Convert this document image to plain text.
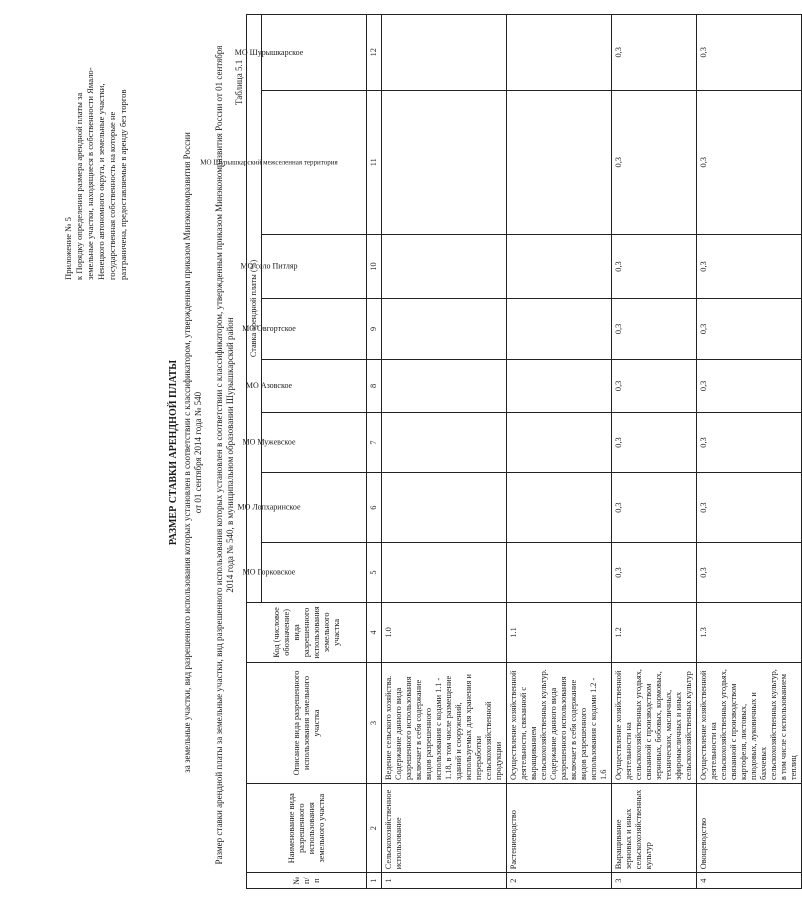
Приложение № 5 к Порядку определения размера арендной платы за земельные участки, находящиеся в собственности Ямало- Ненецкого автономного округа, и земельные участки, государственная собственность на которые не разграничена, предоставляемые в аренду без торгов
РАЗМЕР СТАВКИ АРЕНДНОЙ ПЛАТЫ за земельные участки, вид разрешенного использования которых установлен в соответствии с классификатором, утвержденным приказом Минэкономразвития России от 01 сентября 2014 года № 540 Размер ставки арендной платы за земельные участки, вид разрешенного использования которых установлен в соответствии с классификатором, утвержденным приказом Минэкономразвития России от 01 сентября 2014 года № 540, в муниципальном образовании Шурышкарский район
Таблица 5.1
№ п/п	Наименование вида разрешенного использования земельного участка	Описание вида разрешенного использования земельного участка	Код (числовое обозначение) вида разрешенного использования земельного участка	Ставка арендной платы (%)							
				МО Горковское	МО Лопхаринское	МО Мужевское	МО Азовское	МО Овгортское	МО село Питляр	МО Шурышкарский межселенная территория	МО Шурышкарское
1	2	3	4	5	6	7	8	9	10	11	12
1	Сельскохозяйственное использование	Ведение сельского хозяйства. Содержание данного вида разрешенного использования включает в себя содержание видов разрешенного использования с кодами 1.1 - 1.18, в том числе размещение зданий и сооружений, используемых для хранения и переработки сельскохозяйственной продукции	1.0								
2	Растениеводство	Осуществление хозяйственной деятельности, связанной с выращиванием сельскохозяйственных культур. Содержание данного вида разрешенного использования включает в себя содержание видов разрешенного использования с кодами 1.2 - 1.6	1.1								
3	Выращивание зерновых и иных сельскохозяйственных культур	Осуществление хозяйственной деятельности на сельскохозяйственных угодьях, связанной с производством зерновых, бобовых, кормовых, технических, масличных, эфиромасличных и иных сельскохозяйственных культур	1.2	0,3	0,3	0,3	0,3	0,3	0,3	0,3	0,3
4	Овощеводство	Осуществление хозяйственной деятельности на сельскохозяйственных угодьях, связанной с производством картофеля, листовых, плодовых, луковичных и бахчевых сельскохозяйственных культур, в том числе с использованием теплиц	1.3	0,3	0,3	0,3	0,3	0,3	0,3	0,3	0,3
